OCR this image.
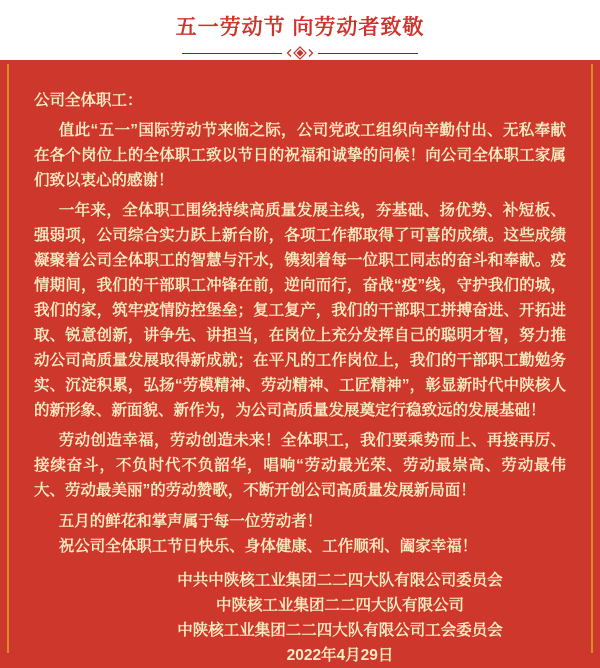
五一劳动节 向劳动者致敬
公司全体职工：

值此“五一”国际劳动节来临之际，公司党政工组织向辛勤付出、无私奉献在各个岗位上的全体职工致以节日的祝福和诚挚的问候！向公司全体职工家属们致以衷心的感谢！

一年来，全体职工围绕持续高质量发展主线，夯基础、扬优势、补短板、强弱项，公司综合实力跃上新台阶，各项工作都取得了可喜的成绩。这些成绩凝聚着公司全体职工的智慧与汗水，镌刻着每一位职工同志的奋斗和奉献。疫情期间，我们的干部职工冲锋在前，逆向而行，奋战“疫”线，守护我们的城，我们的家，筑牢疫情防控堡垒；复工复产，我们的干部职工拼搏奋进、开拓进取、锐意创新，讲争先、讲担当，在岗位上充分发挥自己的聪明才智，努力推动公司高质量发展取得新成就；在平凡的工作岗位上，我们的干部职工勤勉务实、沉淀积累，弘扬“劳模精神、劳动精神、工匠精神”，彰显新时代中陕核人的新形象、新面貌、新作为，为公司高质量发展奠定行稳致远的发展基础！

劳动创造幸福，劳动创造未来！全体职工，我们要乘势而上、再接再厉、接续奋斗，不负时代不负韶华，唱响“劳动最光荣、劳动最崇高、劳动最伟大、劳动最美丽”的劳动赞歌，不断开创公司高质量发展新局面！

五月的鲜花和掌声属于每一位劳动者！
祝公司全体职工节日快乐、身体健康、工作顺利、阖家幸福！
中共中陕核工业集团二二四大队有限公司委员会
中陕核工业集团二二四大队有限公司
中陕核工业集团二二四大队有限公司工会委员会
2022年4月29日
